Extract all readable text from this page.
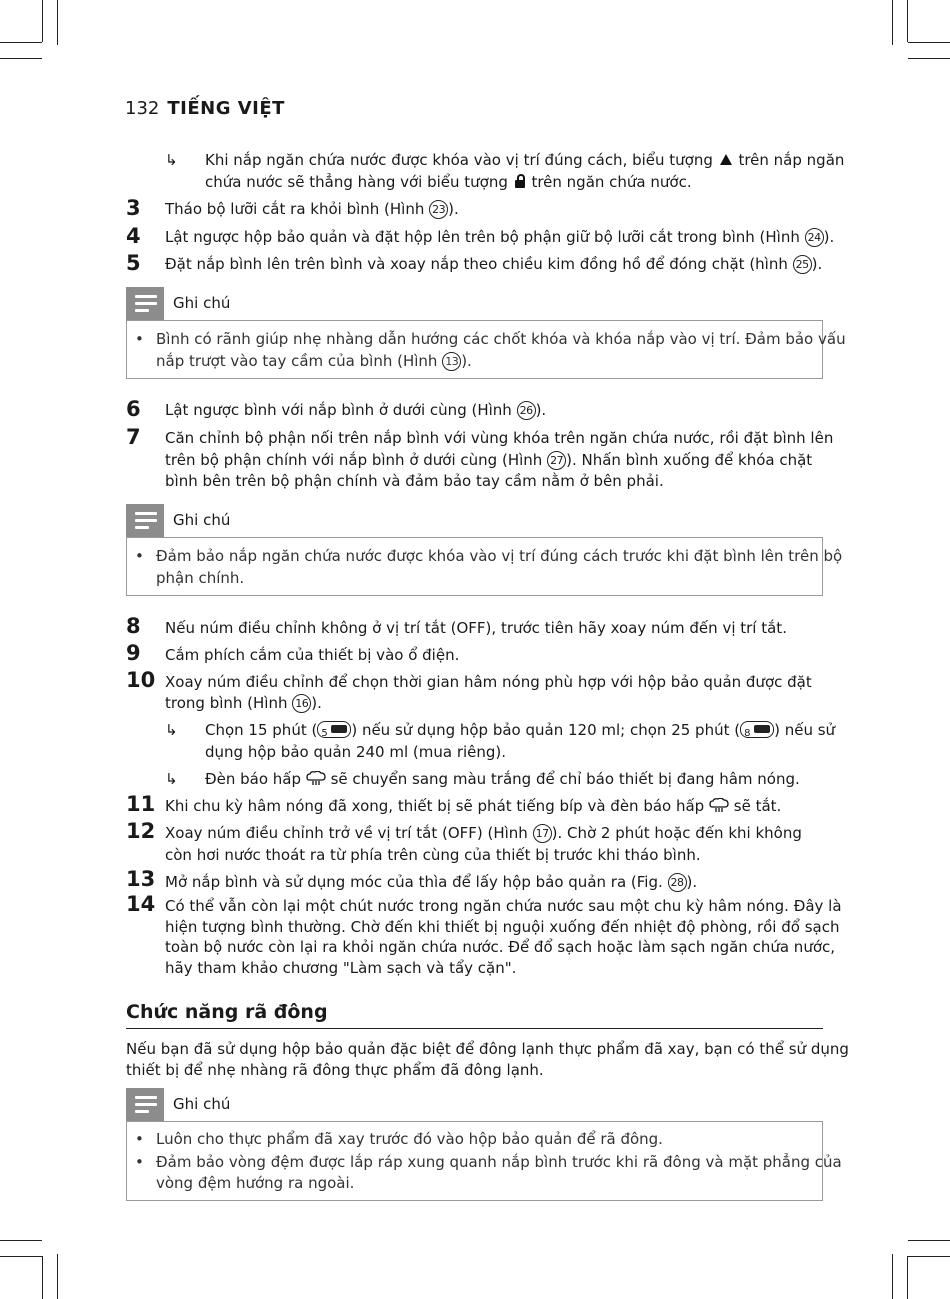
132 TIẾNG VIỆT
↳ Khi nắp ngăn chứa nước được khóa vào vị trí đúng cách, biểu tượng trên nắp ngăn
chứa nước sẽ thẳng hàng với biểu tượng trên ngăn chứa nước.
3 Tháo bộ lưỡi cắt ra khỏi bình (Hình 23 ).
4 Lật ngược hộp bảo quản và đặt hộp lên trên bộ phận giữ bộ lưỡi cắt trong bình (Hình 24 ).
5 Đặt nắp bình lên trên bình và xoay nắp theo chiều kim đồng hồ để đóng chặt (hình 25 ).
Ghi chú
• Bình có rãnh giúp nhẹ nhàng dẫn hướng các chốt khóa và khóa nắp vào vị trí. Đảm bảo vấu
nắp trượt vào tay cầm của bình (Hình 13 ).
6 Lật ngược bình với nắp bình ở dưới cùng (Hình 26 ).
7 Căn chỉnh bộ phận nối trên nắp bình với vùng khóa trên ngăn chứa nước, rồi đặt bình lên
trên bộ phận chính với nắp bình ở dưới cùng (Hình 27 ). Nhấn bình xuống để khóa chặt
bình bên trên bộ phận chính và đảm bảo tay cầm nằm ở bên phải.
Ghi chú
• Đảm bảo nắp ngăn chứa nước được khóa vào vị trí đúng cách trước khi đặt bình lên trên bộ
phận chính.
8 Nếu núm điều chỉnh không ở vị trí tắt (OFF), trước tiên hãy xoay núm đến vị trí tắt.
9 Cắm phích cắm của thiết bị vào ổ điện.
10 Xoay núm điều chỉnh để chọn thời gian hâm nóng phù hợp với hộp bảo quản được đặt
trong bình (Hình 16 ).
↳ Chọn 15 phút ( 5 ) nếu sử dụng hộp bảo quản 120 ml; chọn 25 phút ( 8 ) nếu sử
dụng hộp bảo quản 240 ml (mua riêng).
↳ Đèn báo hấp sẽ chuyển sang màu trắng để chỉ báo thiết bị đang hâm nóng.
11 Khi chu kỳ hâm nóng đã xong, thiết bị sẽ phát tiếng bíp và đèn báo hấp sẽ tắt.
12 Xoay núm điều chỉnh trở về vị trí tắt (OFF) (Hình 17 ). Chờ 2 phút hoặc đến khi không
còn hơi nước thoát ra từ phía trên cùng của thiết bị trước khi tháo bình.
13 Mở nắp bình và sử dụng móc của thìa để lấy hộp bảo quản ra (Fig. 28 ).
14 Có thể vẫn còn lại một chút nước trong ngăn chứa nước sau một chu kỳ hâm nóng. Đây là
hiện tượng bình thường. Chờ đến khi thiết bị nguội xuống đến nhiệt độ phòng, rồi đổ sạch
toàn bộ nước còn lại ra khỏi ngăn chứa nước. Để đổ sạch hoặc làm sạch ngăn chứa nước,
hãy tham khảo chương "Làm sạch và tẩy cặn".
Chức năng rã đông
Nếu bạn đã sử dụng hộp bảo quản đặc biệt để đông lạnh thực phẩm đã xay, bạn có thể sử dụng
thiết bị để nhẹ nhàng rã đông thực phẩm đã đông lạnh.
Ghi chú
• Luôn cho thực phẩm đã xay trước đó vào hộp bảo quản để rã đông.
• Đảm bảo vòng đệm được lắp ráp xung quanh nắp bình trước khi rã đông và mặt phẳng của
vòng đệm hướng ra ngoài.
